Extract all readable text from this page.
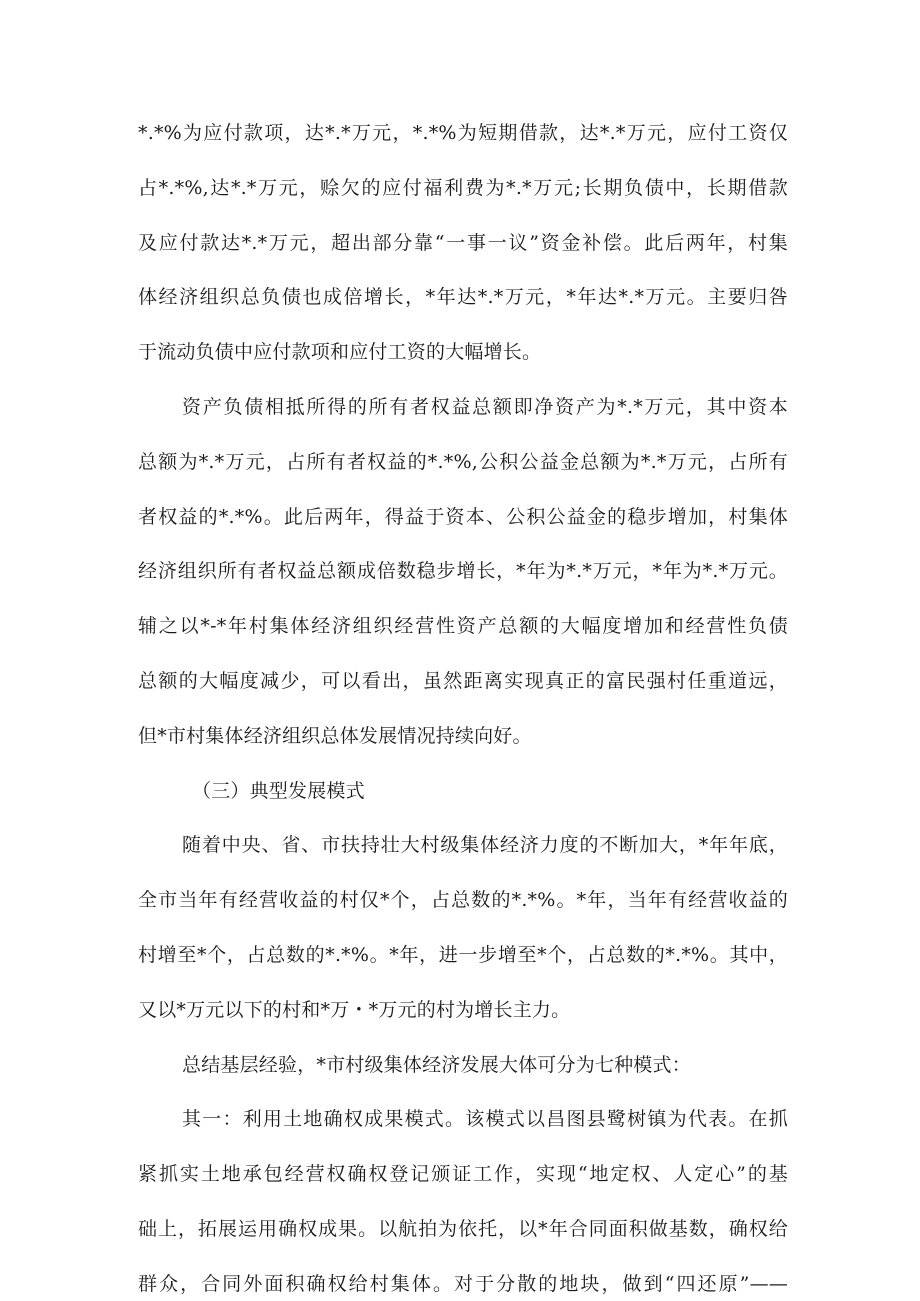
*.*%为应付款项，达*.*万元，*.*%为短期借款，达*.*万元，应付工资仅
占*.*%,达*.*万元，赊欠的应付福利费为*.*万元;长期负债中，长期借款
及应付款达*.*万元，超出部分靠“一事一议”资金补偿。此后两年，村集
体经济组织总负债也成倍增长，*年达*.*万元，*年达*.*万元。主要归咎
于流动负债中应付款项和应付工资的大幅增长。
资产负债相抵所得的所有者权益总额即净资产为*.*万元，其中资本
总额为*.*万元，占所有者权益的*.*%,公积公益金总额为*.*万元，占所有
者权益的*.*%。此后两年，得益于资本、公积公益金的稳步增加，村集体
经济组织所有者权益总额成倍数稳步增长，*年为*.*万元，*年为*.*万元。
辅之以*-*年村集体经济组织经营性资产总额的大幅度增加和经营性负债
总额的大幅度减少，可以看出，虽然距离实现真正的富民强村任重道远，
但*市村集体经济组织总体发展情况持续向好。
（三）典型发展模式
随着中央、省、市扶持壮大村级集体经济力度的不断加大，*年年底，
全市当年有经营收益的村仅*个，占总数的*.*%。*年，当年有经营收益的
村增至*个，占总数的*.*%。*年，进一步增至*个，占总数的*.*%。其中，
又以*万元以下的村和*万・*万元的村为增长主力。
总结基层经验，*市村级集体经济发展大体可分为七种模式：
其一：利用土地确权成果模式。该模式以昌图县鹭树镇为代表。在抓
紧抓实土地承包经营权确权登记颁证工作，实现“地定权、人定心”的基
础上，拓展运用确权成果。以航拍为依托，以*年合同面积做基数，确权给
群众，合同外面积确权给村集体。对于分散的地块，做到“四还原”——
